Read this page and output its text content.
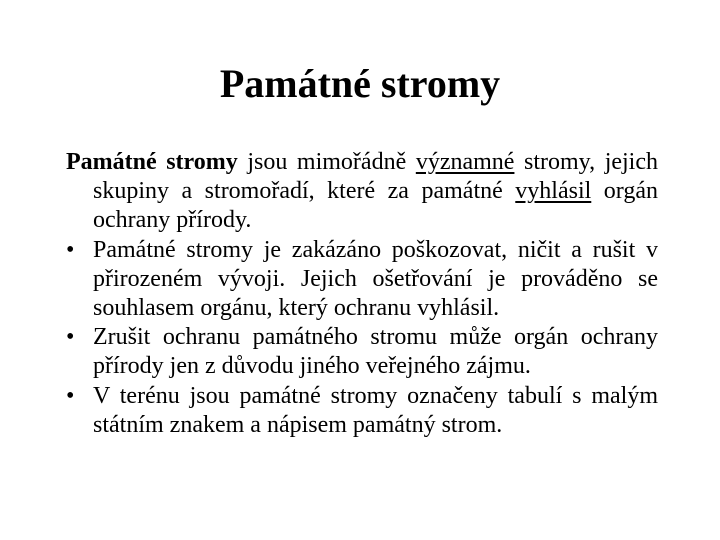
Památné stromy

Památné stromy jsou mimořádně významné stromy, jejich skupiny a stromořadí, které za památné vyhlásil orgán ochrany přírody.

• Památné stromy je zakázáno poškozovat, ničit a rušit v přirozeném vývoji. Jejich ošetřování je prováděno se souhlasem orgánu, který ochranu vyhlásil.

• Zrušit ochranu památného stromu může orgán ochrany přírody jen z důvodu jiného veřejného zájmu.

• V terénu jsou památné stromy označeny tabulí s malým státním znakem a nápisem památný strom.
